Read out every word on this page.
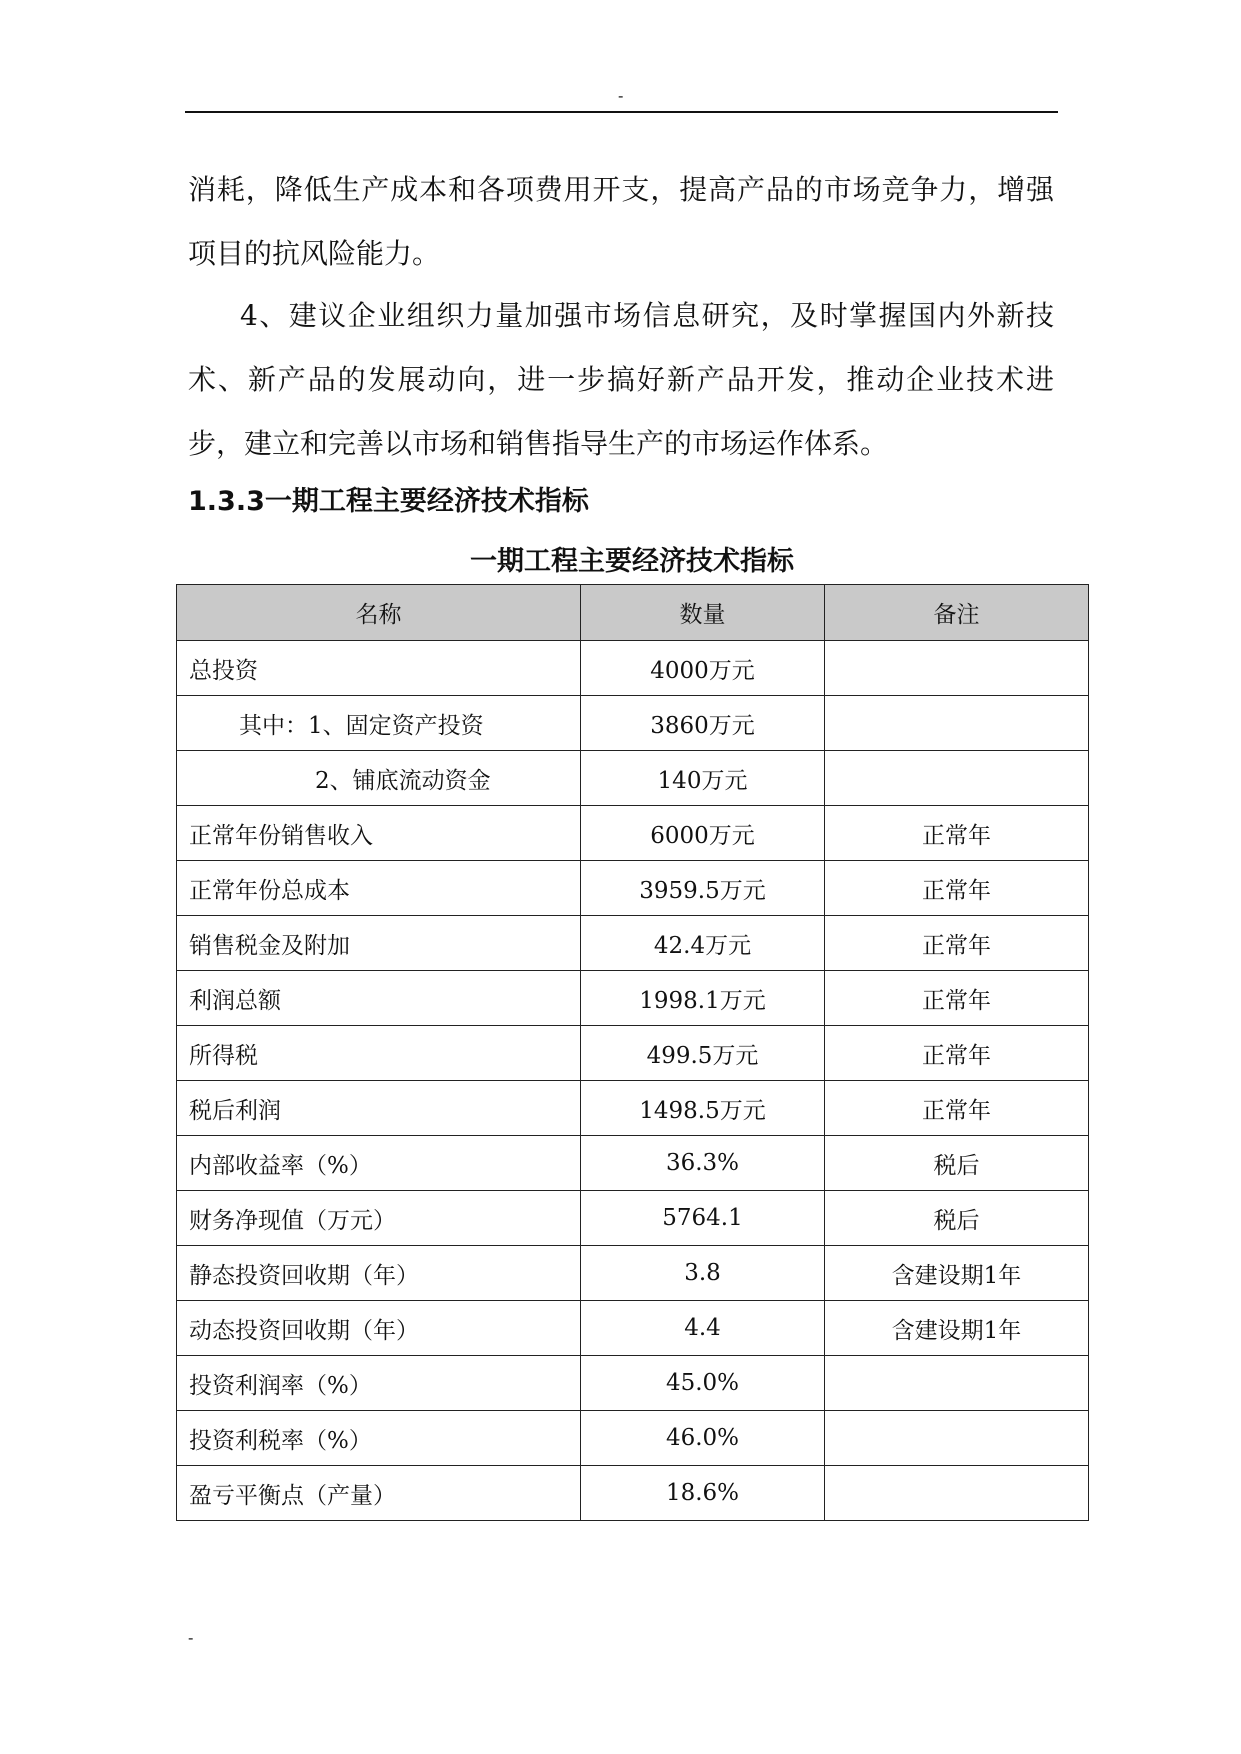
-

消耗，降低生产成本和各项费用开支，提高产品的市场竞争力，增强项目的抗风险能力。

4、建议企业组织力量加强市场信息研究，及时掌握国内外新技术、新产品的发展动向，进一步搞好新产品开发，推动企业技术进步，建立和完善以市场和销售指导生产的市场运作体系。

1.3.3一期工程主要经济技术指标
一期工程主要经济技术指标
名称	数量	备注
总投资	4000万元	
其中：1、固定资产投资	3860万元	
2、铺底流动资金	140万元	
正常年份销售收入	6000万元	正常年
正常年份总成本	3959.5万元	正常年
销售税金及附加	42.4万元	正常年
利润总额	1998.1万元	正常年
所得税	499.5万元	正常年
税后利润	1498.5万元	正常年
内部收益率（%）	36.3%	税后
财务净现值（万元）	5764.1	税后
静态投资回收期（年）	3.8	含建设期1年
动态投资回收期（年）	4.4	含建设期1年
投资利润率（%）	45.0%	
投资利税率（%）	46.0%	
盈亏平衡点（产量）	18.6%	
-
